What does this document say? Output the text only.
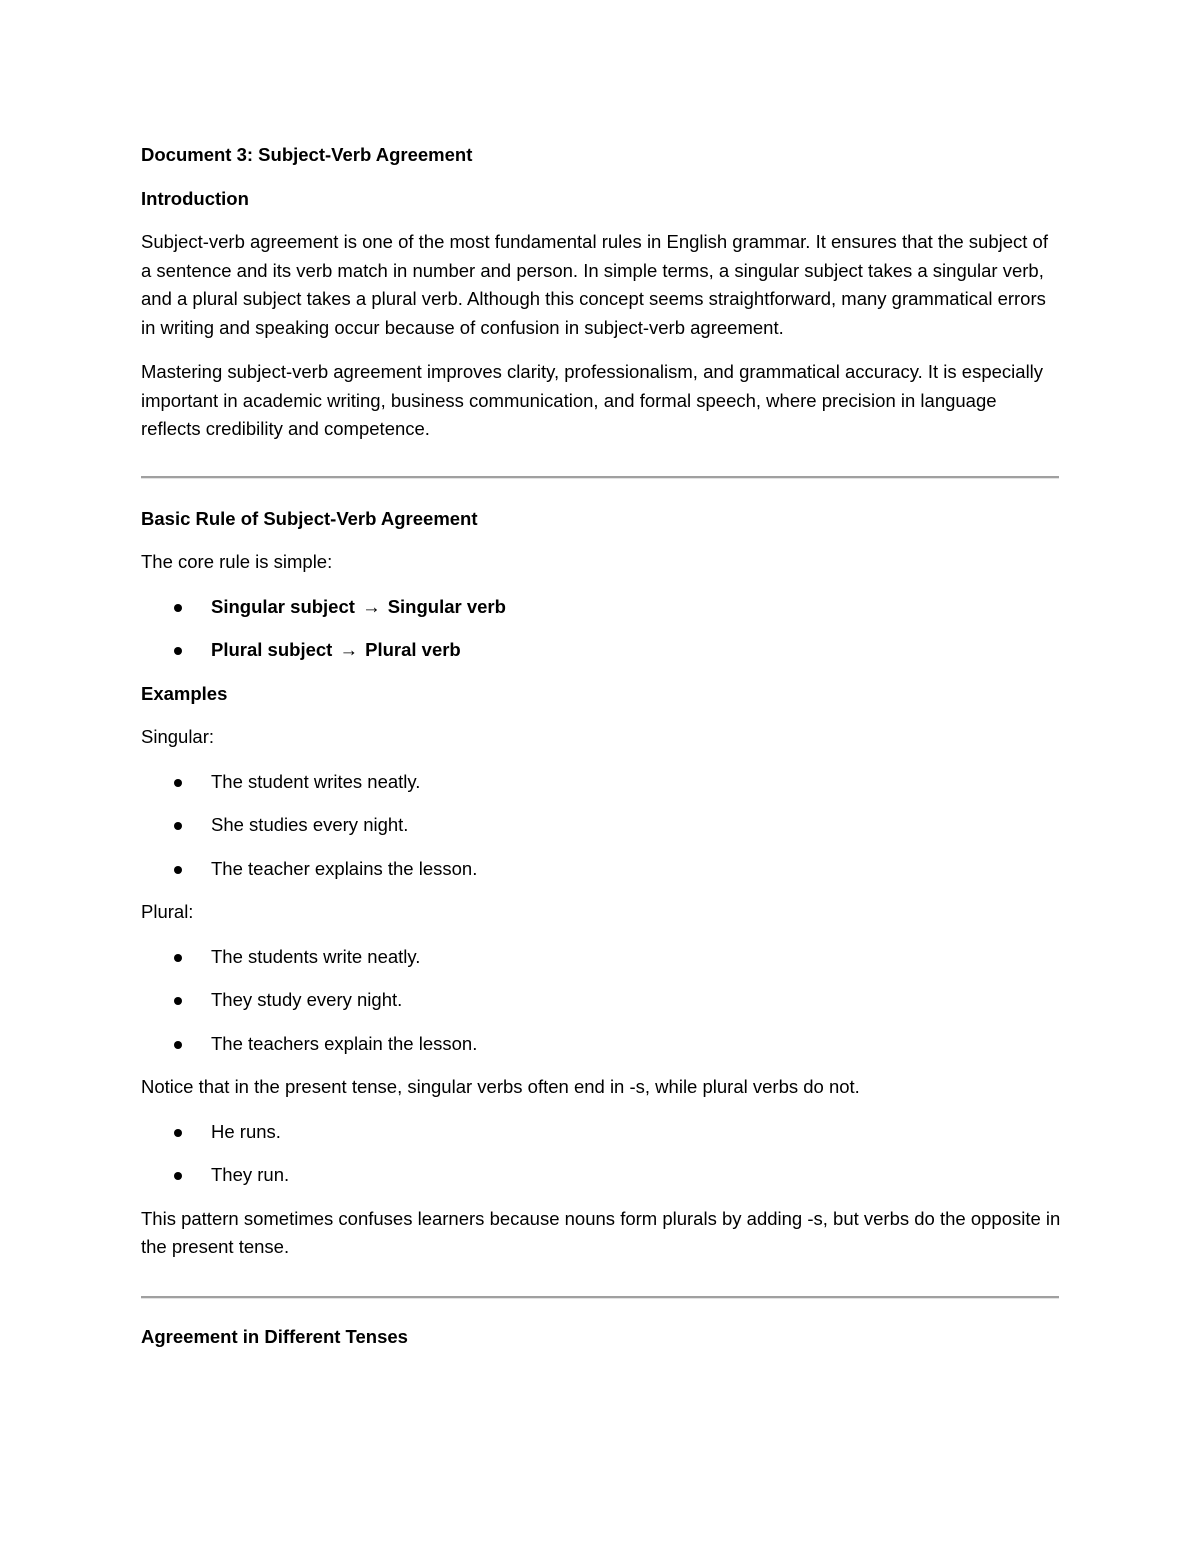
Document 3: Subject-Verb Agreement

Introduction

Subject-verb agreement is one of the most fundamental rules in English grammar. It ensures that the subject of a sentence and its verb match in number and person. In simple terms, a singular subject takes a singular verb, and a plural subject takes a plural verb. Although this concept seems straightforward, many grammatical errors in writing and speaking occur because of confusion in subject-verb agreement.

Mastering subject-verb agreement improves clarity, professionalism, and grammatical accuracy. It is especially important in academic writing, business communication, and formal speech, where precision in language reflects credibility and competence.

Basic Rule of Subject-Verb Agreement

The core rule is simple:

Singular subject → Singular verb
Plural subject → Plural verb

Examples

Singular:

The student writes neatly.
She studies every night.
The teacher explains the lesson.

Plural:

The students write neatly.
They study every night.
The teachers explain the lesson.

Notice that in the present tense, singular verbs often end in -s, while plural verbs do not.

He runs.
They run.

This pattern sometimes confuses learners because nouns form plurals by adding -s, but verbs do the opposite in the present tense.

Agreement in Different Tenses
